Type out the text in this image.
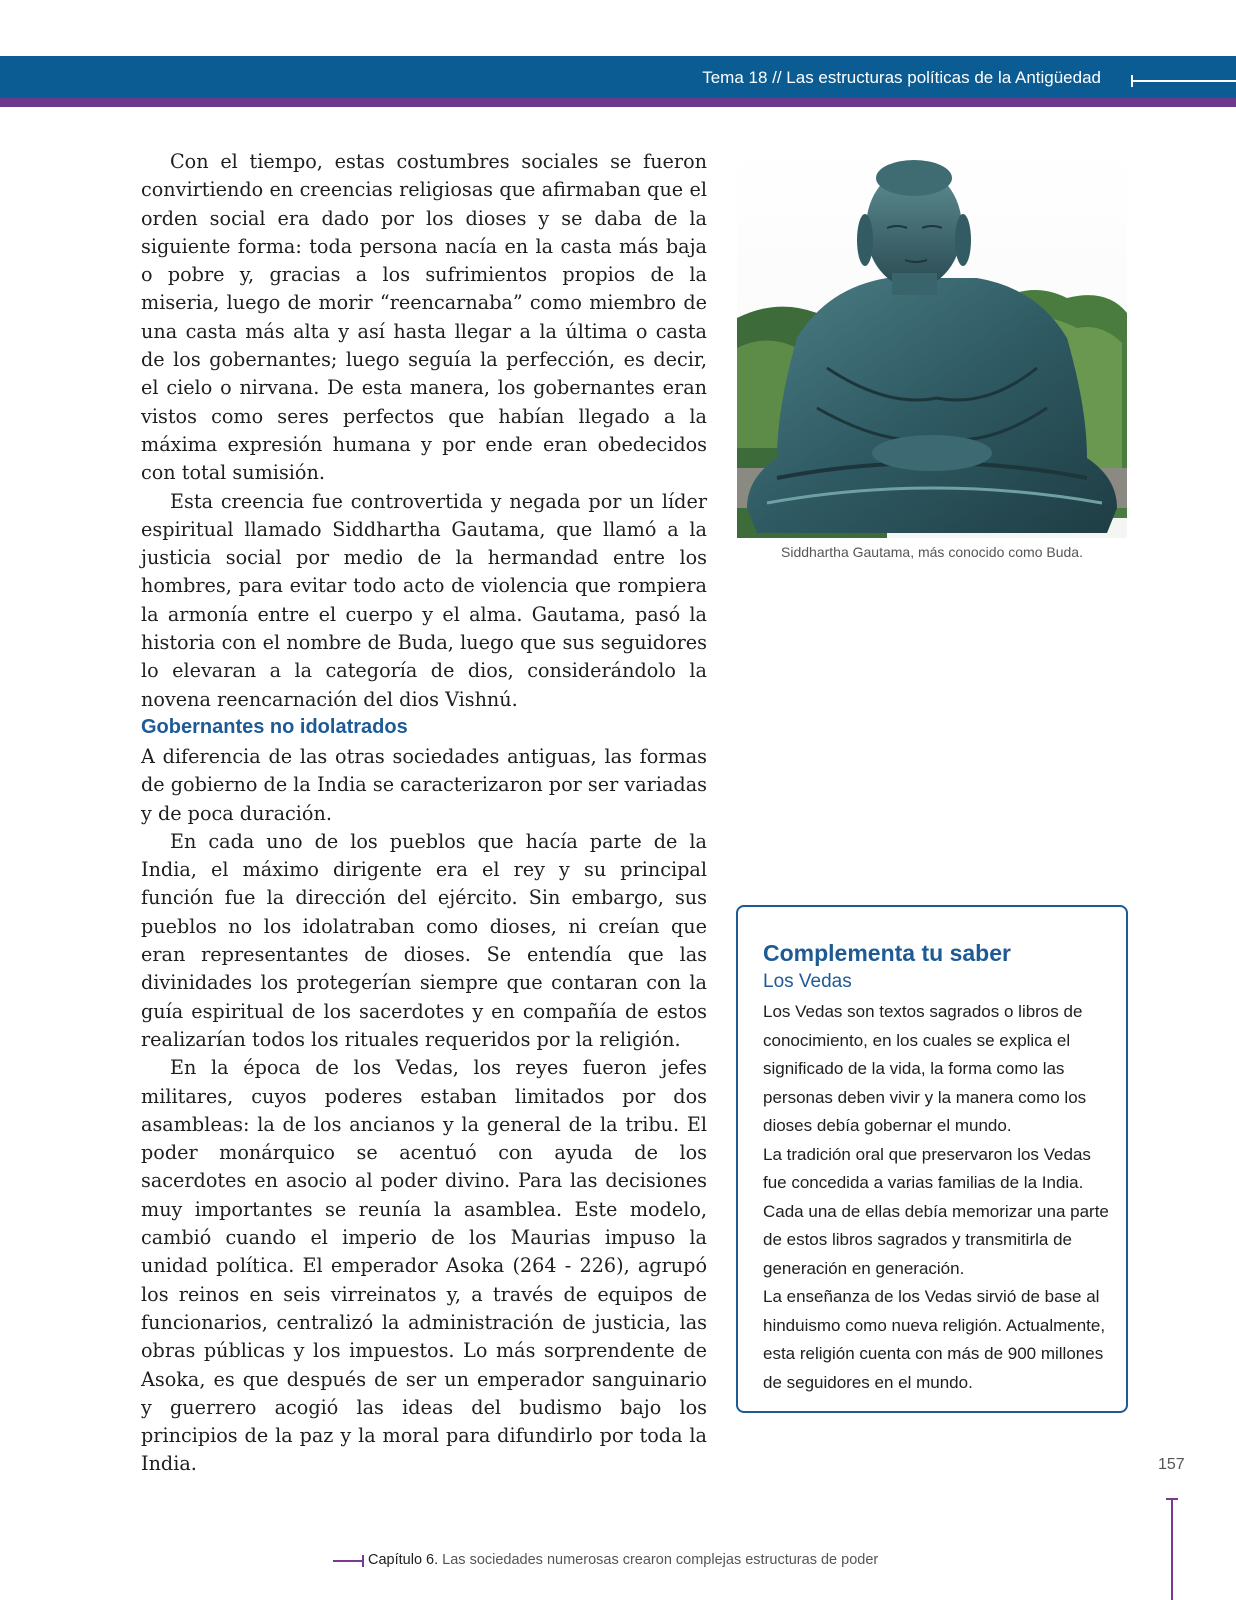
Tema 18 // Las estructuras políticas de la Antigüedad

Con el tiempo, estas costumbres sociales se fueron convirtiendo en creencias religiosas que afirmaban que el orden social era dado por los dioses y se daba de la siguiente forma: toda persona nacía en la casta más baja o pobre y, gracias a los sufrimientos propios de la miseria, luego de morir “reencarnaba” como miembro de una casta más alta y así hasta llegar a la última o casta de los gobernantes; luego seguía la perfección, es decir, el cielo o nirvana. De esta manera, los gobernantes eran vistos como seres perfectos que habían llegado a la máxima expresión humana y por ende eran obedecidos con total sumisión.

Esta creencia fue controvertida y negada por un líder espiritual llamado Siddhartha Gautama, que llamó a la justicia social por medio de la hermandad entre los hombres, para evitar todo acto de violencia que rompiera la armonía entre el cuerpo y el alma. Gautama, pasó la historia con el nombre de Buda, luego que sus seguidores lo elevaran a la categoría de dios, considerándolo la novena reencarnación del dios Vishnú.

Gobernantes no idolatrados

A diferencia de las otras sociedades antiguas, las formas de gobierno de la India se caracterizaron por ser variadas y de poca duración.

En cada uno de los pueblos que hacía parte de la India, el máximo dirigente era el rey y su principal función fue la dirección del ejército. Sin embargo, sus pueblos no los idolatraban como dioses, ni creían que eran representantes de dioses. Se entendía que las divinidades los protegerían siempre que contaran con la guía espiritual de los sacerdotes y en compañía de estos realizarían todos los rituales requeridos por la religión.

En la época de los Vedas, los reyes fueron jefes militares, cuyos poderes estaban limitados por dos asambleas: la de los ancianos y la general de la tribu. El poder monárquico se acentuó con ayuda de los sacerdotes en asocio al poder divino. Para las decisiones muy importantes se reunía la asamblea. Este modelo, cambió cuando el imperio de los Maurias impuso la unidad política. El emperador Asoka (264 - 226), agrupó los reinos en seis virreinatos y, a través de equipos de funcionarios, centralizó la administración de justicia, las obras públicas y los impuestos. Lo más sorprendente de Asoka, es que después de ser un emperador sanguinario y guerrero acogió las ideas del budismo bajo los principios de la paz y la moral para difundirlo por toda la India.

Siddhartha Gautama, más conocido como Buda.
Complementa tu saber
Los Vedas

Los Vedas son textos sagrados o libros de conocimiento, en los cuales se explica el significado de la vida, la forma como las personas deben vivir y la manera como los dioses debía gobernar el mundo.

La tradición oral que preservaron los Vedas fue concedida a varias familias de la India. Cada una de ellas debía memorizar una parte de estos libros sagrados y transmitirla de generación en generación.

La enseñanza de los Vedas sirvió de base al hinduismo como nueva religión. Actualmente, esta religión cuenta con más de 900 millones de seguidores en el mundo.

157
Capítulo 6. Las sociedades numerosas crearon complejas estructuras de poder
